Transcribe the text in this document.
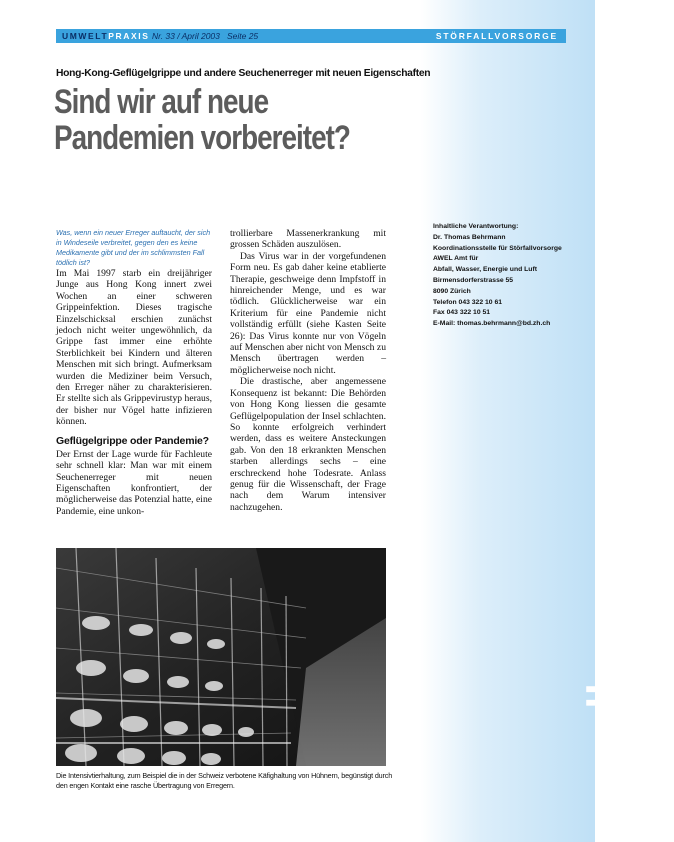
STÖRFALLVORSORGE
UMWELTPRAXIS Nr. 33 / April 2003   Seite 25	STÖRFALLVORSORGE
Hong-Kong-Geflügelgrippe und andere Seuchenerreger mit neuen Eigenschaften
Sind wir auf neue
Pandemien vorbereitet?

Was, wenn ein neuer Erreger auftaucht, der sich in Windeseile verbreitet, gegen den es keine Medikamente gibt und der im schlimmsten Fall tödlich ist?

Im Mai 1997 starb ein dreijähriger Junge aus Hong Kong innert zwei Wochen an einer schweren Grippeinfektion. Dieses tragische Einzelschicksal erschien zunächst jedoch nicht weiter ungewöhnlich, da Grippe fast immer eine erhöhte Sterblichkeit bei Kindern und älteren Menschen mit sich bringt. Aufmerksam wurden die Mediziner beim Versuch, den Erreger näher zu charakterisieren. Er stellte sich als Grippevirustyp heraus, der bisher nur Vögel hatte infizieren können.

Geflügelgrippe oder Pandemie?

Der Ernst der Lage wurde für Fachleute sehr schnell klar: Man war mit einem Seuchenerreger mit neuen Eigenschaften konfrontiert, der möglicherweise das Potenzial hatte, eine Pandemie, eine unkon-

trollierbare Massenerkrankung mit grossen Schäden auszulösen.

Das Virus war in der vorgefundenen Form neu. Es gab daher keine etablierte Therapie, geschweige denn Impfstoff in hinreichender Menge, und es war tödlich. Glücklicherweise war ein Kriterium für eine Pandemie nicht vollständig erfüllt (siehe Kasten Seite 26): Das Virus konnte nur von Vögeln auf Menschen aber nicht von Mensch zu Mensch übertragen werden – möglicherweise noch nicht.

Die drastische, aber angemessene Konsequenz ist bekannt: Die Behörden von Hong Kong liessen die gesamte Geflügelpopulation der Insel schlachten. So konnte erfolgreich verhindert werden, dass es weitere Ansteckungen gab. Von den 18 erkrankten Menschen starben allerdings sechs – eine erschreckend hohe Todesrate. Anlass genug für die Wissenschaft, der Frage nach dem Warum intensiver nachzugehen.

Inhaltliche Verantwortung:
Dr. Thomas Behrmann
Koordinationsstelle für Störfallvorsorge
AWEL Amt für
Abfall, Wasser, Energie und Luft
Birmensdorferstrasse 55
8090 Zürich
Telefon 043 322 10 61
Fax 043 322 10 51
E-Mail: thomas.behrmann@bd.zh.ch
Die Intensivtierhaltung, zum Beispiel die in der Schweiz verbotene Käfighaltung von Hühnern, begünstigt durch den engen Kontakt eine rasche Übertragung von Erregern.
